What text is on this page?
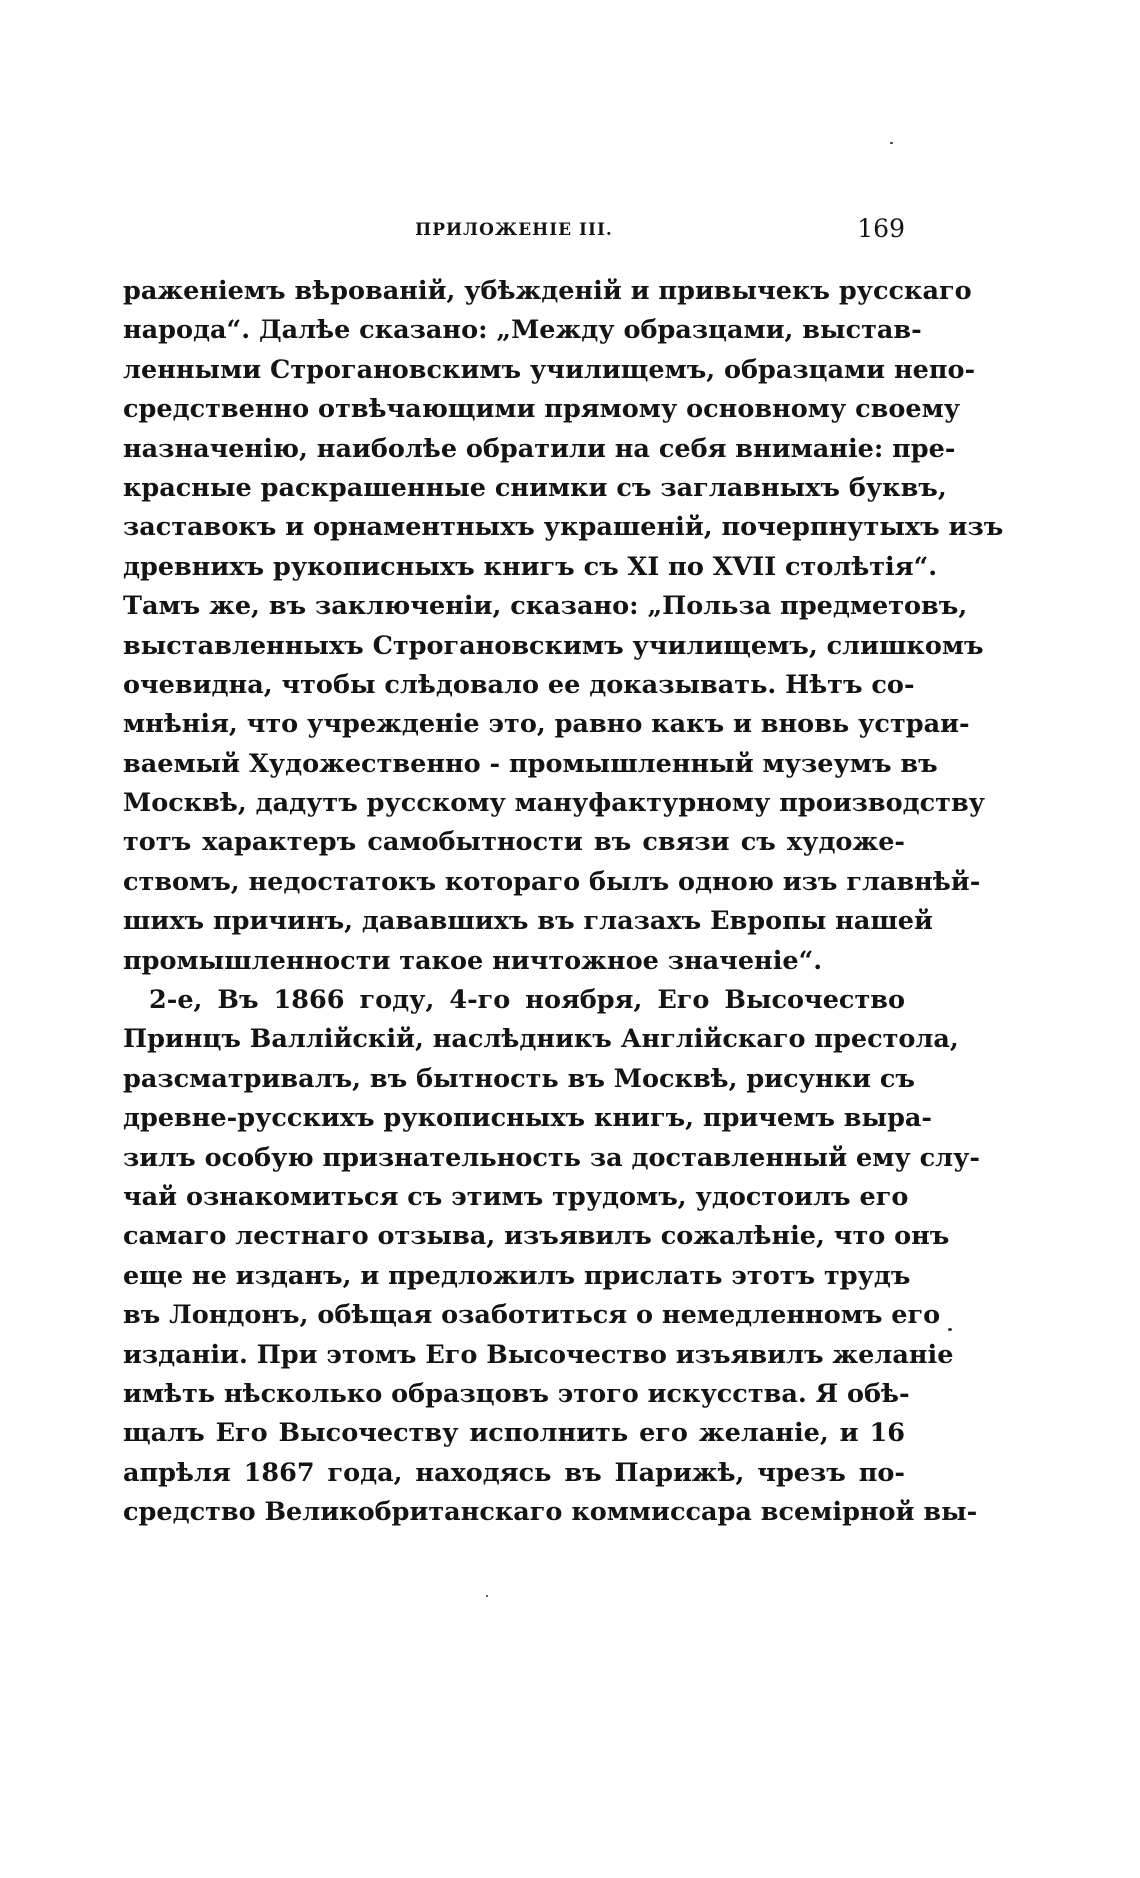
ПРИЛОЖЕНІЕ III.	169
раженіемъ вѣрованій, убѣжденій и привычекъ русскаго
народа“. Далѣе сказано: „Между образцами, выстав-
ленными Строгановскимъ училищемъ, образцами непо-
средственно отвѣчающими прямому основному своему
назначенію, наиболѣе обратили на себя вниманіе: пре-
красные раскрашенные снимки съ заглавныхъ буквъ,
заставокъ и орнаментныхъ украшеній, почерпнутыхъ изъ
древнихъ рукописныхъ книгъ съ XI по XVII столѣтія“.
Тамъ же, въ заключеніи, сказано: „Польза предметовъ,
выставленныхъ Строгановскимъ училищемъ, слишкомъ
очевидна, чтобы слѣдовало ее доказывать. Нѣтъ со-
мнѣнія, что учрежденіе это, равно какъ и вновь устраи-
ваемый Художественно - промышленный музеумъ въ
Москвѣ, дадутъ русскому мануфактурному производству
тотъ характеръ самобытности въ связи съ художе-
ствомъ, недостатокъ котораго былъ одною изъ главнѣй-
шихъ причинъ, дававшихъ въ глазахъ Европы нашей
промышленности такое ничтожное значеніе“.
2-е, Въ 1866 году, 4-го ноября, Его Высочество
Принцъ Валлійскій, наслѣдникъ Англійскаго престола,
разсматривалъ, въ бытность въ Москвѣ, рисунки съ
древне-русскихъ рукописныхъ книгъ, причемъ выра-
зилъ особую признательность за доставленный ему слу-
чай ознакомиться съ этимъ трудомъ, удостоилъ его
самаго лестнаго отзыва, изъявилъ сожалѣніе, что онъ
еще не изданъ, и предложилъ прислать этотъ трудъ
въ Лондонъ, обѣщая озаботиться о немедленномъ его
изданіи. При этомъ Его Высочество изъявилъ желаніе
имѣть нѣсколько образцовъ этого искусства. Я обѣ-
щалъ Его Высочеству исполнить его желаніе, и 16
апрѣля 1867 года, находясь въ Парижѣ, чрезъ по-
средство Великобританскаго коммиссара всемірной вы-
